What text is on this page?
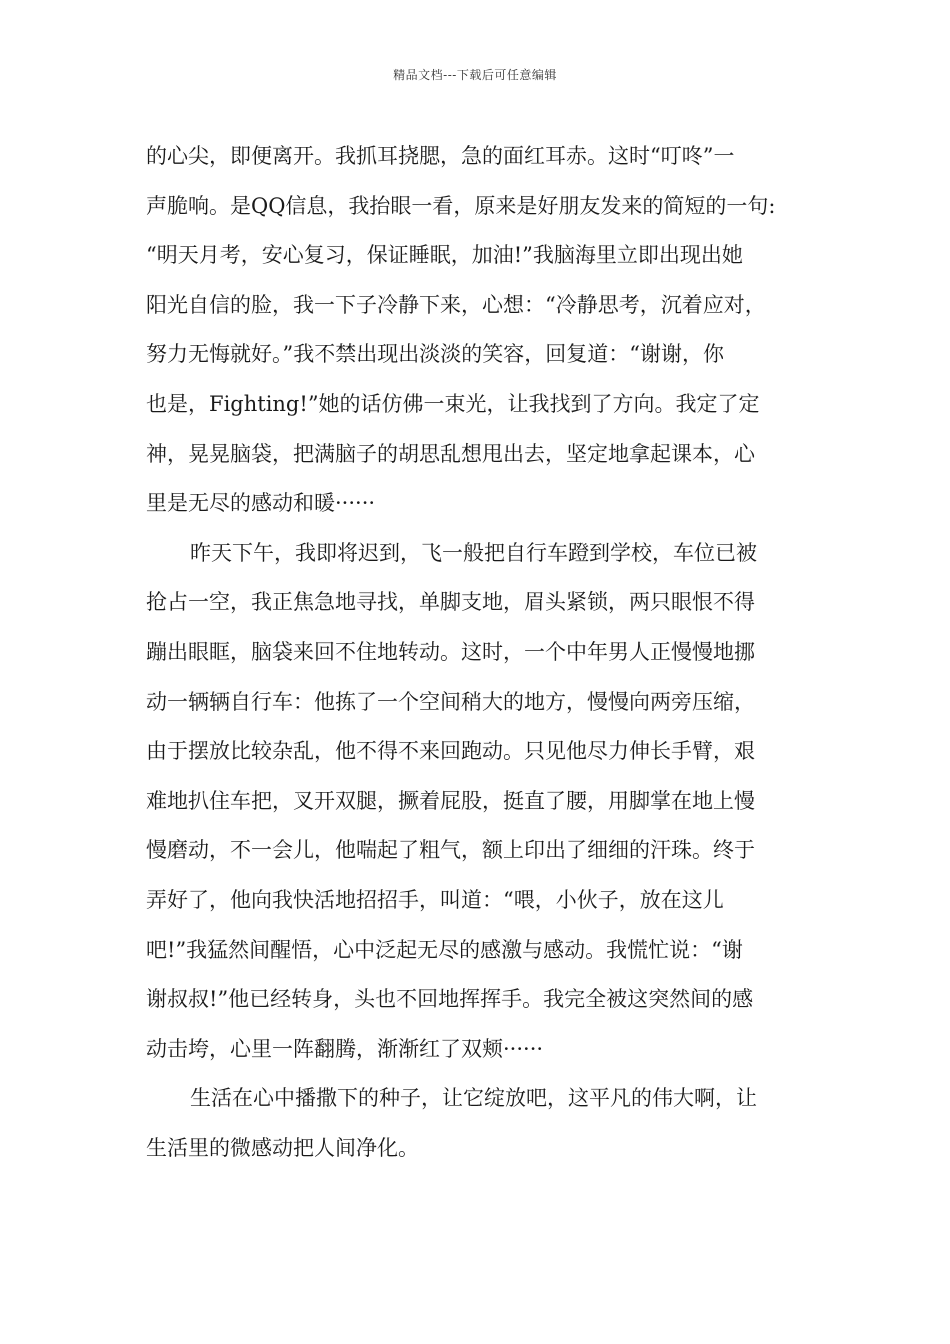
精品文档---下载后可任意编辑
的心尖，即便离开。我抓耳挠腮，急的面红耳赤。这时“叮咚”一
声脆响。是QQ信息，我抬眼一看，原来是好朋友发来的简短的一句:
“明天月考，安心复习，保证睡眠，加油!”我脑海里立即出现出她
阳光自信的脸，我一下子冷静下来，心想：“冷静思考，沉着应对，
努力无悔就好。”我不禁出现出淡淡的笑容，回复道：“谢谢，你
也是，Fighting!”她的话仿佛一束光，让我找到了方向。我定了定
神，晃晃脑袋，把满脑子的胡思乱想甩出去，坚定地拿起课本，心
里是无尽的感动和暖······
昨天下午，我即将迟到，飞一般把自行车蹬到学校，车位已被
抢占一空，我正焦急地寻找，单脚支地，眉头紧锁，两只眼恨不得
蹦出眼眶，脑袋来回不住地转动。这时，一个中年男人正慢慢地挪
动一辆辆自行车：他拣了一个空间稍大的地方，慢慢向两旁压缩，
由于摆放比较杂乱，他不得不来回跑动。只见他尽力伸长手臂，艰
难地扒住车把，叉开双腿，撅着屁股，挺直了腰，用脚掌在地上慢
慢磨动，不一会儿，他喘起了粗气，额上印出了细细的汗珠。终于
弄好了，他向我快活地招招手，叫道：“喂，小伙子，放在这儿
吧!”我猛然间醒悟，心中泛起无尽的感激与感动。我慌忙说：“谢
谢叔叔!”他已经转身，头也不回地挥挥手。我完全被这突然间的感
动击垮，心里一阵翻腾，渐渐红了双颊······
生活在心中播撒下的种子，让它绽放吧，这平凡的伟大啊，让
生活里的微感动把人间净化。
